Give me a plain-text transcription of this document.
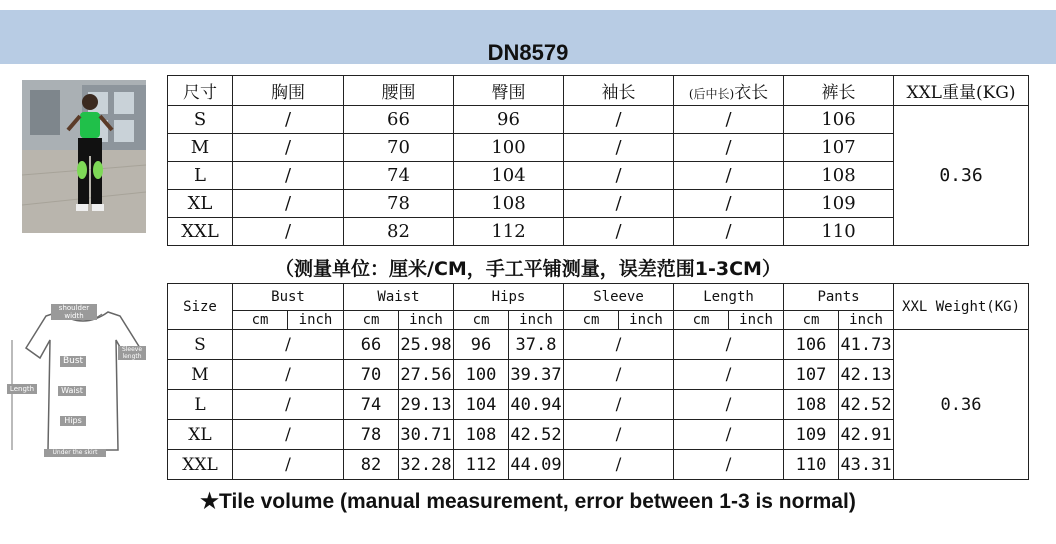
DN8579
尺寸	胸围	腰围	臀围	袖长	(后中长)衣长	裤长	XXL重量(KG)
S	/	66	96	/	/	106	0.36
M	/	70	100	/	/	107	
L	/	74	104	/	/	108	
XL	/	78	108	/	/	109	
XXL	/	82	112	/	/	110	
（测量单位：厘米/CM，手工平铺测量，误差范围1-3CM）
shoulder width
Sleeve length
Bust
Length	Waist
Hips
Under the skirt
Size	Bust		Waist		Hips		Sleeve		Length		Pants		XXL Weight(KG)
	cm	inch	cm	inch	cm	inch	cm	inch	cm	inch	cm	inch	
S	/		66	25.98	96	37.8	/		/		106	41.73	0.36
M	/		70	27.56	100	39.37	/		/		107	42.13	
L	/		74	29.13	104	40.94	/		/		108	42.52	
XL	/		78	30.71	108	42.52	/		/		109	42.91	
XXL	/		82	32.28	112	44.09	/		/		110	43.31	
★Tile volume (manual measurement, error between 1-3 is normal)
